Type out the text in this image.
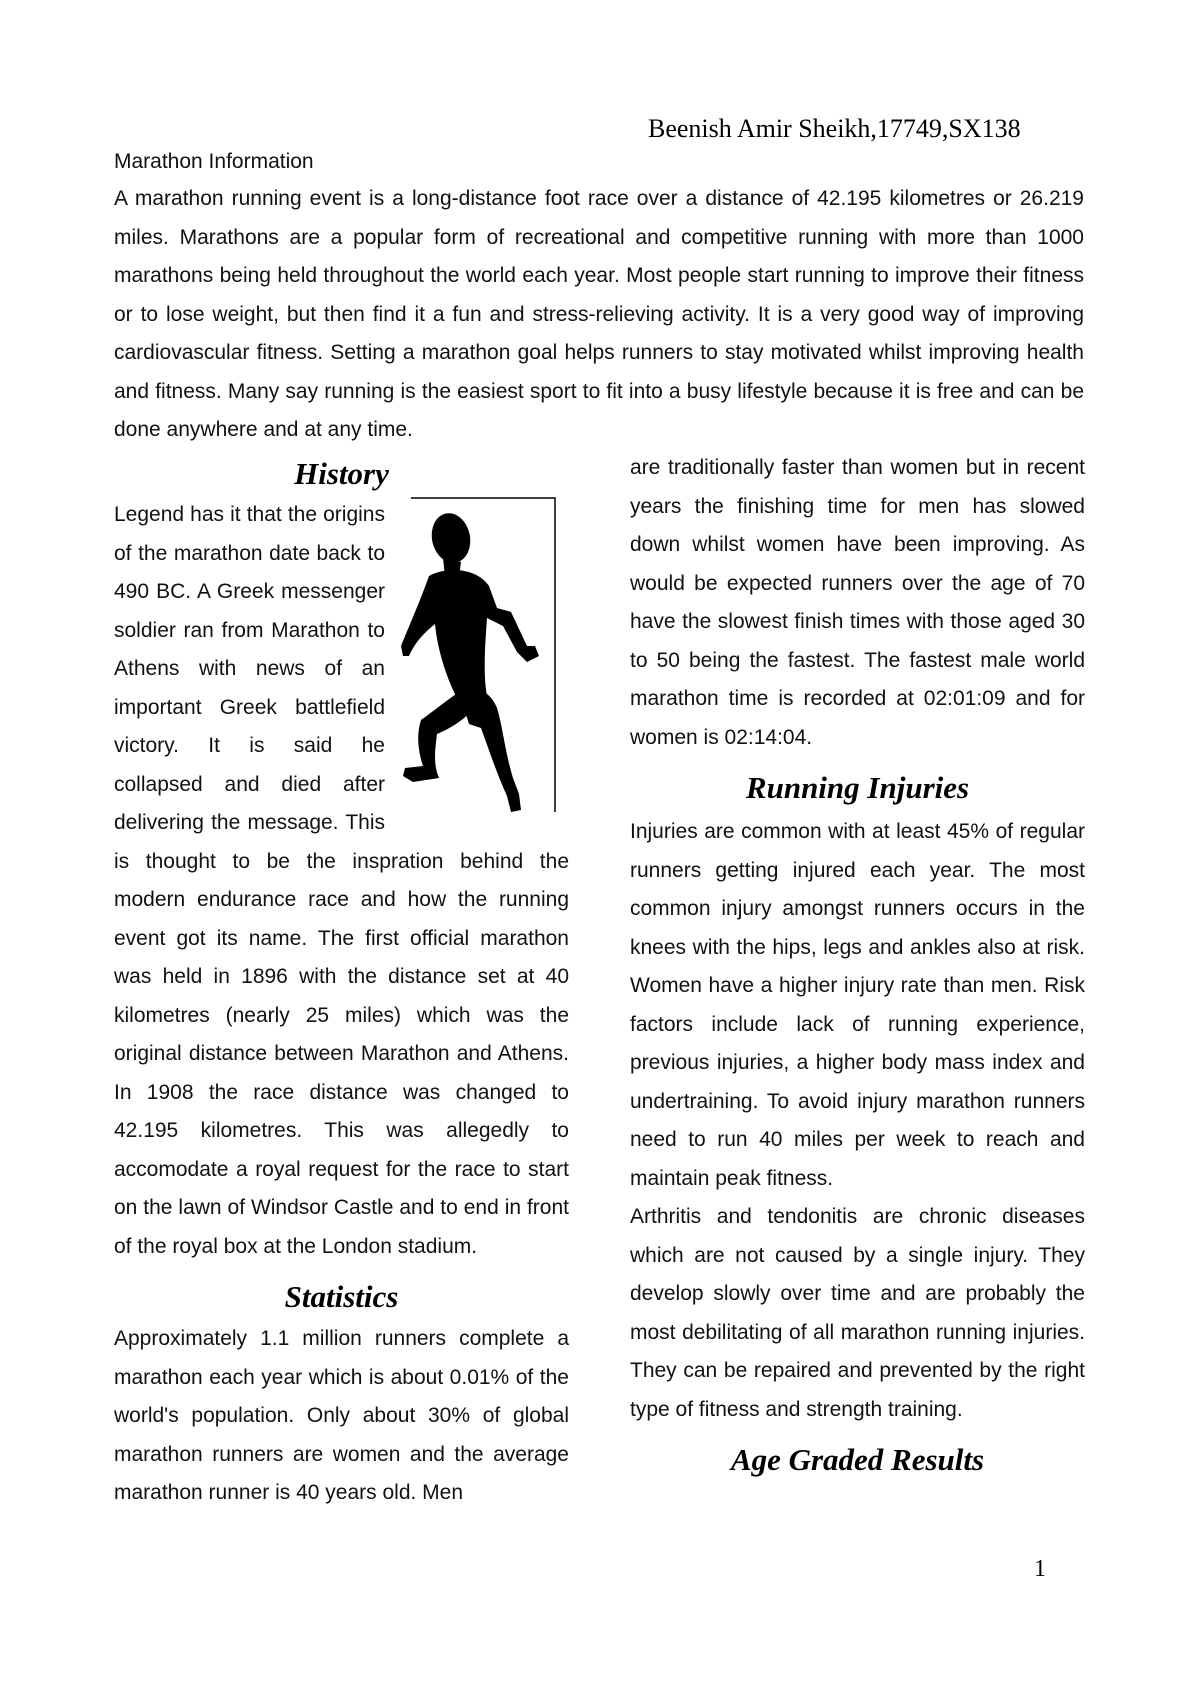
Beenish Amir Sheikh,17749,SX138

Marathon Information

A marathon running event is a long-distance foot race over a distance of 42.195 kilometres or 26.219 miles. Marathons are a popular form of recreational and competitive running with more than 1000 marathons being held throughout the world each year. Most people start running to improve their fitness or to lose weight, but then find it a fun and stress-relieving activity. It is a very good way of improving cardiovascular fitness. Setting a marathon goal helps runners to stay motivated whilst improving health and fitness. Many say running is the easiest sport to fit into a busy lifestyle because it is free and can be done anywhere and at any time.

History

Legend has it that the origins of the marathon date back to 490 BC. A Greek messenger soldier ran from Marathon to Athens with news of an important Greek battlefield victory. It is said he collapsed and died after delivering the message. This is thought to be the inspration behind the modern endurance race and how the running event got its name. The first official marathon was held in 1896 with the distance set at 40 kilometres (nearly 25 miles) which was the original distance between Marathon and Athens. In 1908 the race distance was changed to 42.195 kilometres. This was allegedly to accomodate a royal request for the race to start on the lawn of Windsor Castle and to end in front of the royal box at the London stadium.

Statistics

Approximately 1.1 million runners complete a marathon each year which is about 0.01% of the world's population. Only about 30% of global marathon runners are women and the average marathon runner is 40 years old. Men

are traditionally faster than women but in recent years the finishing time for men has slowed down whilst women have been improving. As would be expected runners over the age of 70 have the slowest finish times with those aged 30 to 50 being the fastest. The fastest male world marathon time is recorded at 02:01:09 and for women is 02:14:04.

Running Injuries

Injuries are common with at least 45% of regular runners getting injured each year. The most common injury amongst runners occurs in the knees with the hips, legs and ankles also at risk. Women have a higher injury rate than men. Risk factors include lack of running experience, previous injuries, a higher body mass index and undertraining. To avoid injury marathon runners need to run 40 miles per week to reach and maintain peak fitness.

Arthritis and tendonitis are chronic diseases which are not caused by a single injury. They develop slowly over time and are probably the most debilitating of all marathon running injuries. They can be repaired and prevented by the right type of fitness and strength training.

Age Graded Results
1
